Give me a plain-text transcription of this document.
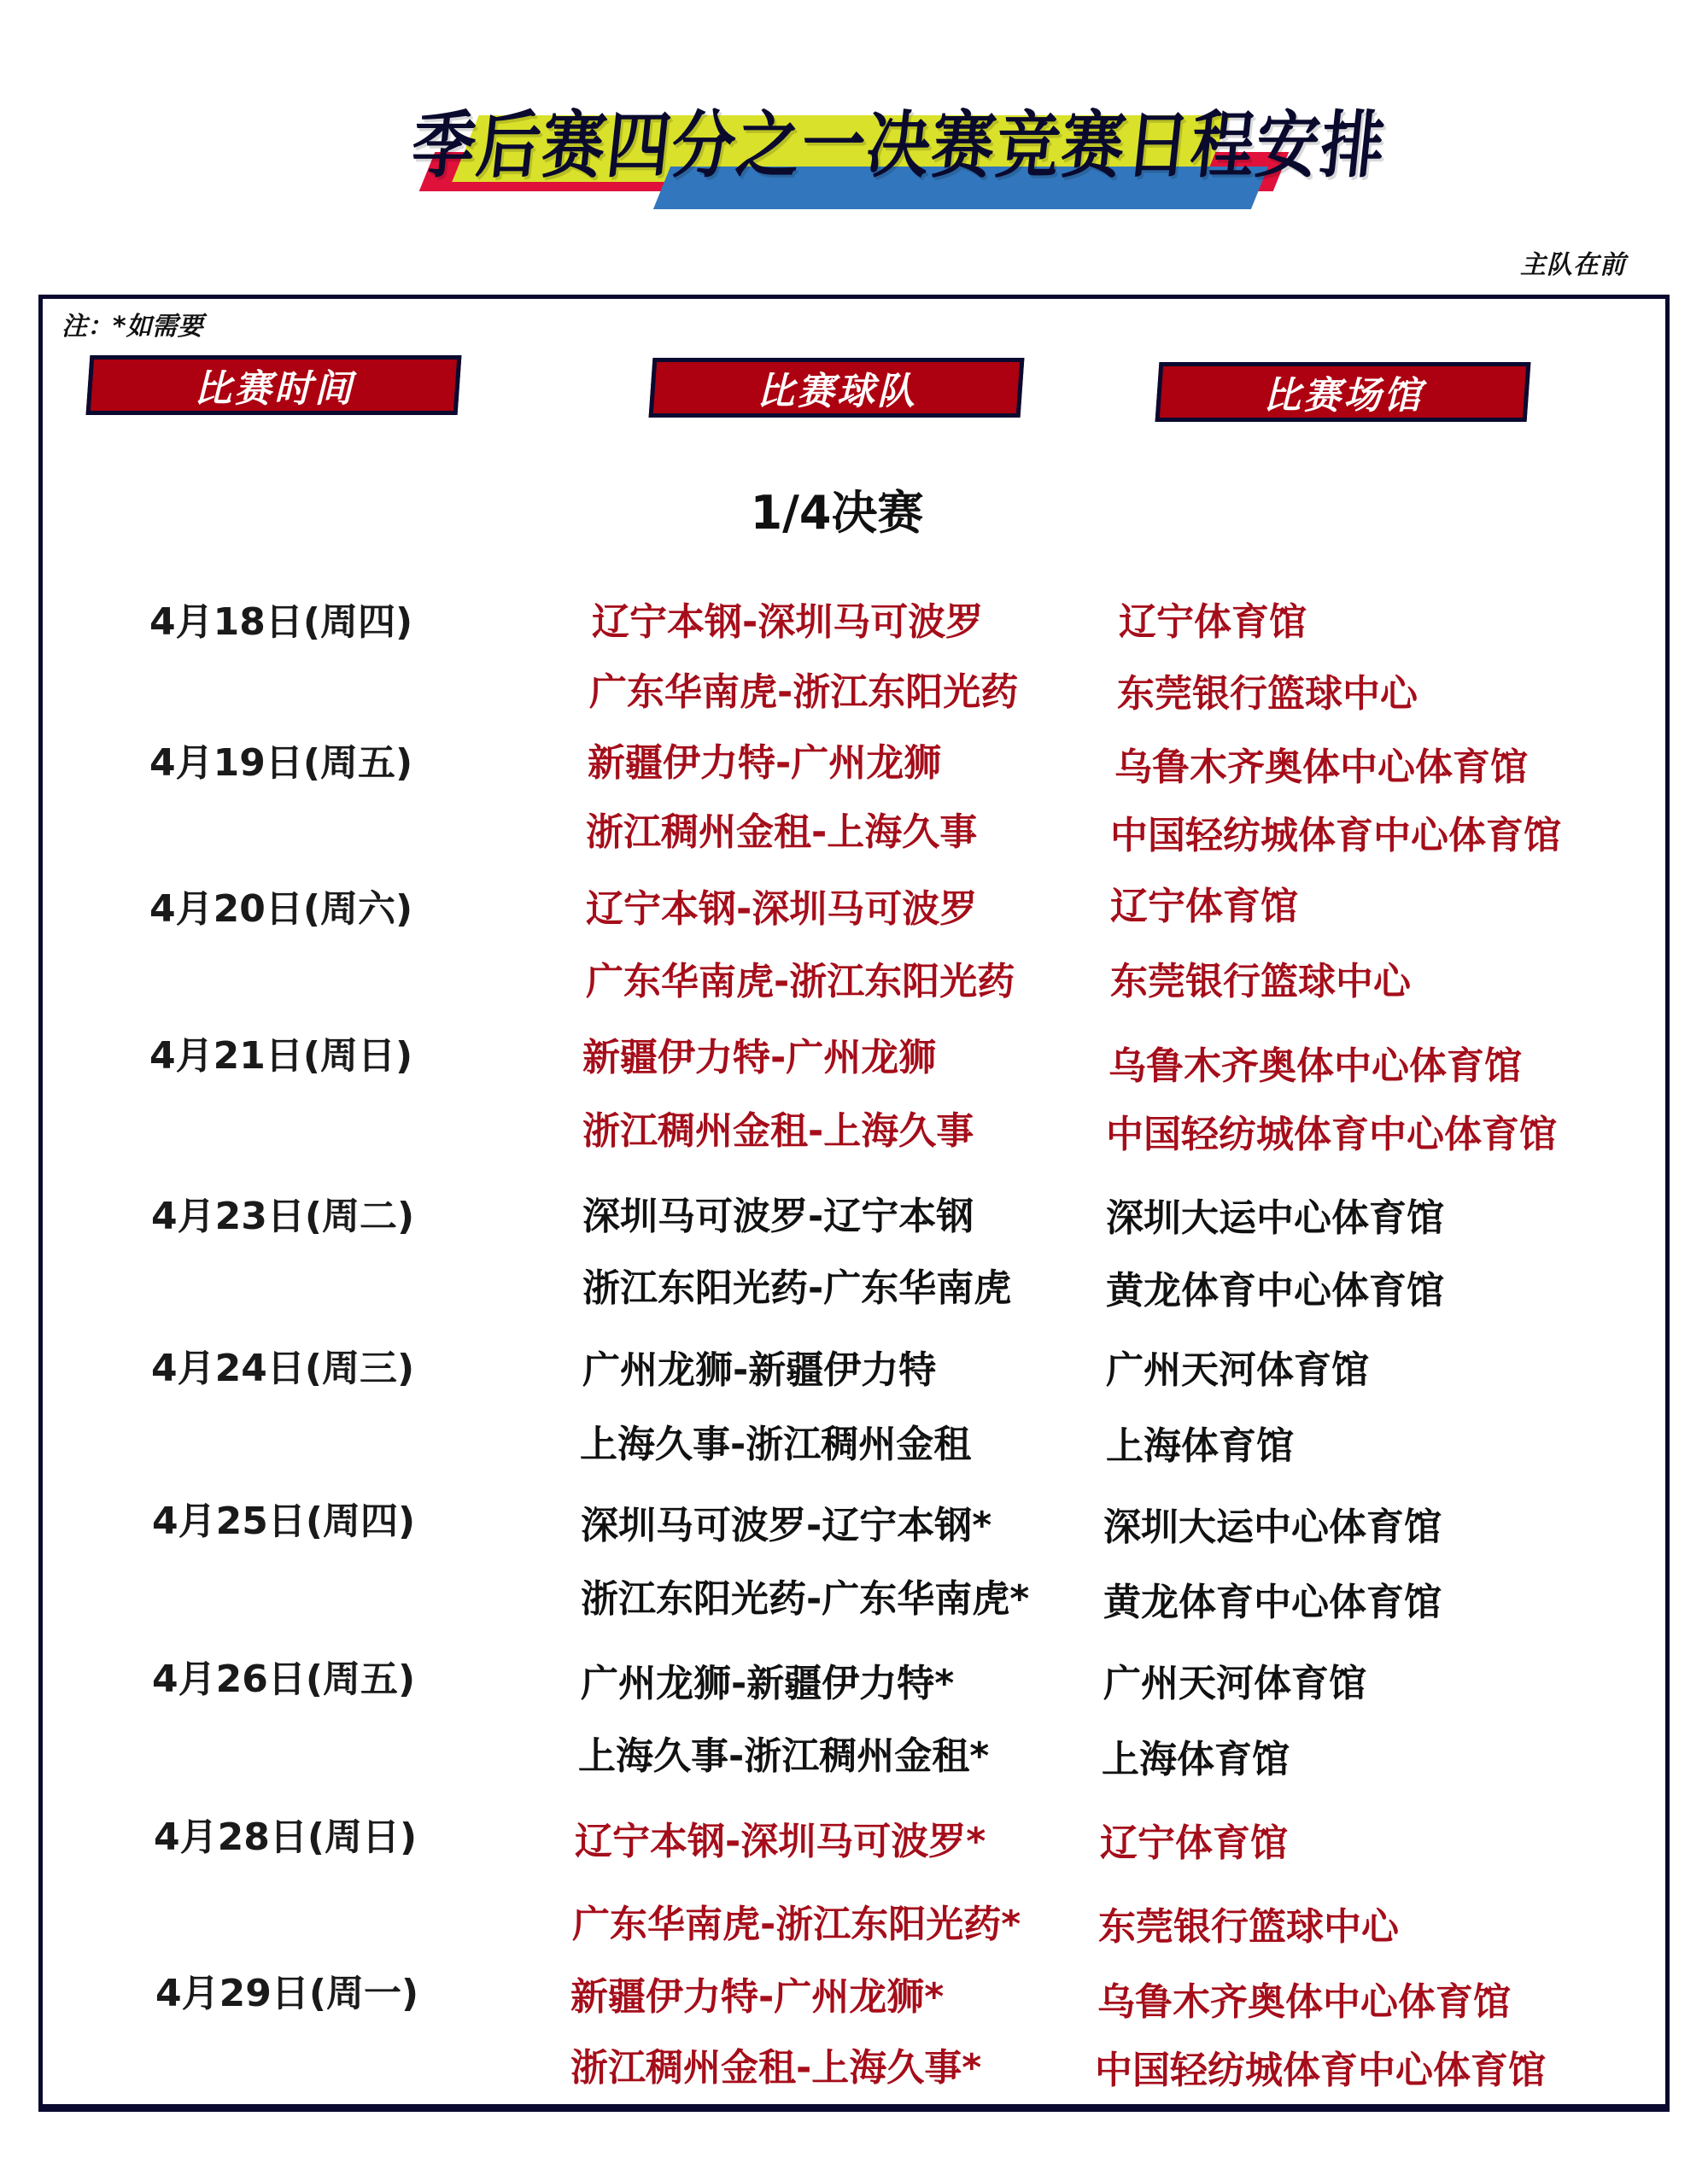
季后赛四分之一决赛竞赛日程安排
主队在前
注：*如需要
比赛时间	比赛球队	比赛场馆
1/4决赛
4月18日(周四)	辽宁本钢-深圳马可波罗	辽宁体育馆
广东华南虎-浙江东阳光药	东莞银行篮球中心
4月19日(周五)	新疆伊力特-广州龙狮	乌鲁木齐奥体中心体育馆
浙江稠州金租-上海久事	中国轻纺城体育中心体育馆
4月20日(周六)	辽宁本钢-深圳马可波罗	辽宁体育馆
广东华南虎-浙江东阳光药	东莞银行篮球中心
4月21日(周日)	新疆伊力特-广州龙狮	乌鲁木齐奥体中心体育馆
浙江稠州金租-上海久事	中国轻纺城体育中心体育馆
4月23日(周二)	深圳马可波罗-辽宁本钢	深圳大运中心体育馆
浙江东阳光药-广东华南虎	黄龙体育中心体育馆
4月24日(周三)	广州龙狮-新疆伊力特	广州天河体育馆
上海久事-浙江稠州金租	上海体育馆
4月25日(周四)	深圳马可波罗-辽宁本钢*	深圳大运中心体育馆
浙江东阳光药-广东华南虎* 黄龙体育中心体育馆
4月26日(周五)	广州龙狮-新疆伊力特*	广州天河体育馆
上海久事-浙江稠州金租*	上海体育馆
4月28日(周日)	辽宁本钢-深圳马可波罗*	辽宁体育馆
广东华南虎-浙江东阳光药* 东莞银行篮球中心
4月29日(周一)	新疆伊力特-广州龙狮*	乌鲁木齐奥体中心体育馆
浙江稠州金租-上海久事*	中国轻纺城体育中心体育馆
